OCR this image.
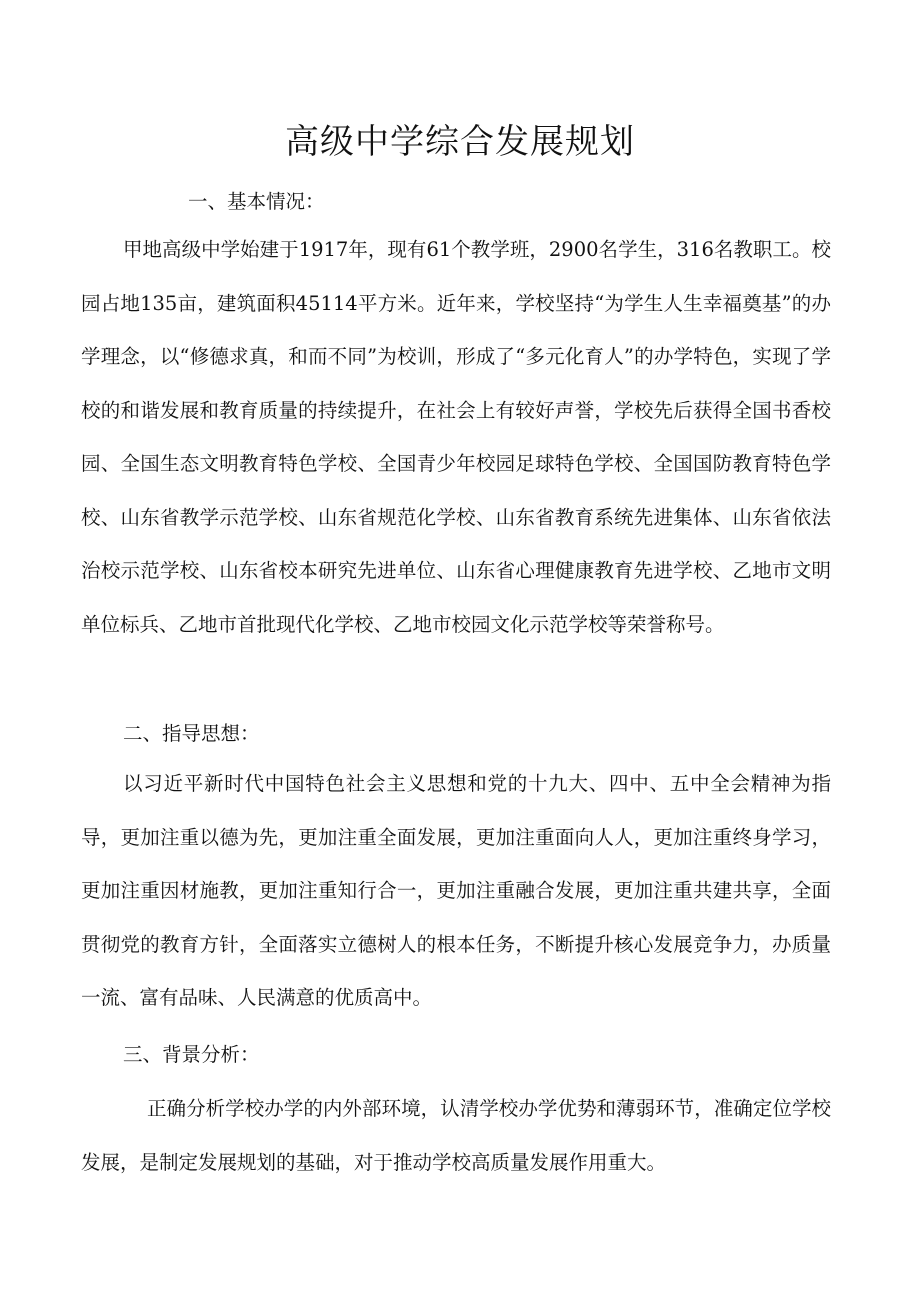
高级中学综合发展规划
一、基本情况：

甲地高级中学始建于1917年，现有61个教学班，2900名学生，316名教职工。校园占地135亩，建筑面积45114平方米。近年来，学校坚持“为学生人生幸福奠基”的办学理念，以“修德求真，和而不同”为校训，形成了“多元化育人”的办学特色，实现了学校的和谐发展和教育质量的持续提升，在社会上有较好声誉，学校先后获得全国书香校园、全国生态文明教育特色学校、全国青少年校园足球特色学校、全国国防教育特色学校、山东省教学示范学校、山东省规范化学校、山东省教育系统先进集体、山东省依法治校示范学校、山东省校本研究先进单位、山东省心理健康教育先进学校、乙地市文明单位标兵、乙地市首批现代化学校、乙地市校园文化示范学校等荣誉称号。

二、指导思想：

以习近平新时代中国特色社会主义思想和党的十九大、四中、五中全会精神为指导，更加注重以德为先，更加注重全面发展，更加注重面向人人，更加注重终身学习，更加注重因材施教，更加注重知行合一，更加注重融合发展，更加注重共建共享，全面贯彻党的教育方针，全面落实立德树人的根本任务，不断提升核心发展竞争力，办质量一流、富有品味、人民满意的优质高中。

三、背景分析：

正确分析学校办学的内外部环境，认清学校办学优势和薄弱环节，准确定位学校发展，是制定发展规划的基础，对于推动学校高质量发展作用重大。
